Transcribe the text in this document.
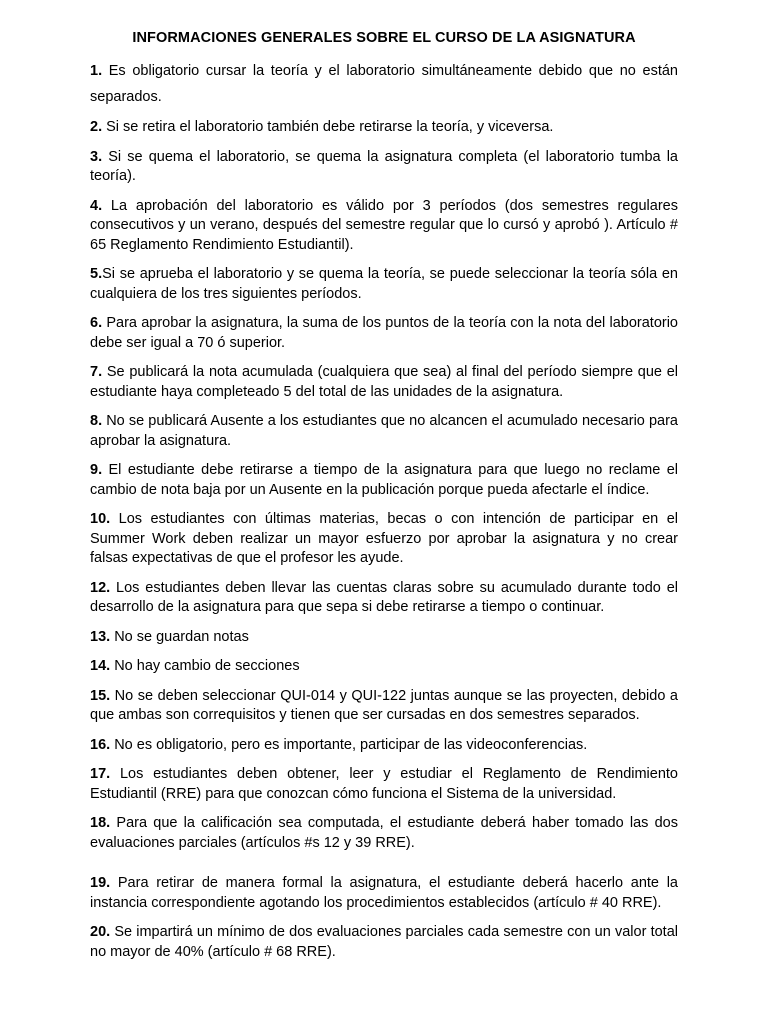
INFORMACIONES GENERALES SOBRE EL CURSO DE LA ASIGNATURA

1. Es obligatorio cursar la teoría y el laboratorio simultáneamente debido que no están separados.

2. Si se retira el laboratorio también debe retirarse la teoría, y viceversa.

3. Si se quema el laboratorio, se quema la asignatura completa (el laboratorio tumba la teoría).

4. La aprobación del laboratorio es válido por 3 períodos (dos semestres regulares consecutivos y un verano, después del semestre regular que lo cursó y aprobó ). Artículo # 65 Reglamento Rendimiento Estudiantil).

5.Si se aprueba el laboratorio y se quema la teoría, se puede seleccionar la teoría sóla en cualquiera de los tres siguientes períodos.

6. Para aprobar la asignatura, la suma de los puntos de la teoría con la nota del laboratorio debe ser igual a 70 ó superior.

7. Se publicará la nota acumulada (cualquiera que sea) al final del período siempre que el estudiante haya completeado 5 del total de las unidades de la asignatura.

8. No se publicará Ausente a los estudiantes que no alcancen el acumulado necesario para aprobar la asignatura.

9. El estudiante debe retirarse a tiempo de la asignatura para que luego no reclame el cambio de nota baja por un Ausente en la publicación porque pueda afectarle el índice.

10. Los estudiantes con últimas materias, becas o con intención de participar en el Summer Work deben realizar un mayor esfuerzo por aprobar la asignatura y no crear falsas expectativas de que el profesor les ayude.

12. Los estudiantes deben llevar las cuentas claras sobre su acumulado durante todo el desarrollo de la asignatura para que sepa si debe retirarse a tiempo o continuar.

13. No se guardan notas

14. No hay cambio de secciones

15. No se deben seleccionar QUI-014 y QUI-122 juntas aunque se las proyecten, debido a que ambas son correquisitos y tienen que ser cursadas en dos semestres separados.

16. No es obligatorio, pero es importante, participar de las videoconferencias.

17. Los estudiantes deben obtener, leer y estudiar el Reglamento de Rendimiento Estudiantil (RRE) para que conozcan cómo funciona el Sistema de la universidad.

18. Para que la calificación sea computada, el estudiante deberá haber tomado las dos evaluaciones parciales (artículos #s 12 y 39 RRE).

19. Para retirar de manera formal la asignatura, el estudiante deberá hacerlo ante la instancia correspondiente agotando los procedimientos establecidos (artículo # 40 RRE).

20. Se impartirá un mínimo de dos evaluaciones parciales cada semestre con un valor total no mayor de 40% (artículo # 68 RRE).
